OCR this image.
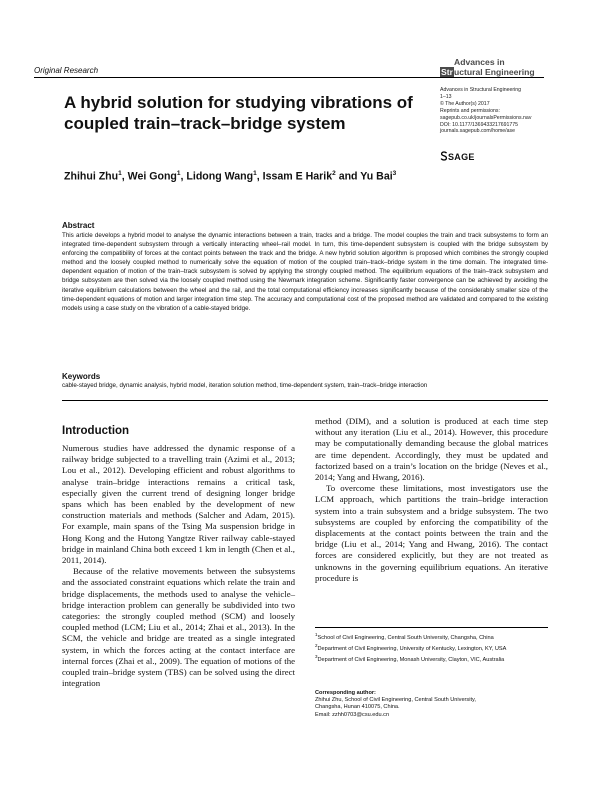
Original Research
Advances in
Structural Engineering
Advances in Structural Engineering
1–13
© The Author(s) 2017
Reprints and permissions:
sagepub.co.uk/journalsPermissions.nav
DOI: 10.1177/1369433217691775
journals.sagepub.com/home/ase
SAGE
A hybrid solution for studying vibrations of coupled train–track–bridge system
Zhihui Zhu$^1$, Wei Gong$^1$, Lidong Wang$^1$, Issam E Harik$^2$ and Yu Bai$^3$
Abstract
This article develops a hybrid model to analyse the dynamic interactions between a train, tracks and a bridge. The model couples the train and track subsystems to form an integrated time-dependent subsystem through a vertically interacting wheel–rail model. In turn, this time-dependent subsystem is coupled with the bridge subsystem by enforcing the compatibility of forces at the contact points between the track and the bridge. A new hybrid solution algorithm is proposed which combines the strongly coupled method and the loosely coupled method to numerically solve the equation of motion of the coupled train–track–bridge system in the time domain. The integrated time-dependent equation of motion of the train–track subsystem is solved by applying the strongly coupled method. The equilibrium equations of the train–track subsystem and bridge subsystem are then solved via the loosely coupled method using the Newmark integration scheme. Significantly faster convergence can be achieved by avoiding the iterative equilibrium calculations between the wheel and the rail, and the total computational efficiency increases significantly because of the considerably smaller size of the time-dependent equations of motion and larger integration time step. The accuracy and computational cost of the proposed method are validated and compared to the existing models using a case study on the vibration of a cable-stayed bridge.
Keywords
cable-stayed bridge, dynamic analysis, hybrid model, iteration solution method, time-dependent system, train–track–bridge interaction
Introduction

Numerous studies have addressed the dynamic response of a railway bridge subjected to a travelling train (Azimi et al., 2013; Lou et al., 2012). Developing efficient and robust algorithms to analyse train–bridge interactions remains a critical task, especially given the current trend of designing longer bridge spans which has been enabled by the development of new construction materials and methods (Salcher and Adam, 2015). For example, main spans of the Tsing Ma suspension bridge in Hong Kong and the Hutong Yangtze River railway cable-stayed bridge in mainland China both exceed 1 km in length (Chen et al., 2011, 2014).

Because of the relative movements between the subsystems and the associated constraint equations which relate the train and bridge displacements, the methods used to analyse the vehicle–bridge interaction problem can generally be subdivided into two categories: the strongly coupled method (SCM) and loosely coupled method (LCM; Liu et al., 2014; Zhai et al., 2013). In the SCM, the vehicle and bridge are treated as a single integrated system, in which the forces acting at the contact interface are internal forces (Zhai et al., 2009). The equation of motions of the coupled train–bridge system (TBS) can be solved using the direct integration

method (DIM), and a solution is produced at each time step without any iteration (Liu et al., 2014). However, this procedure may be computationally demanding because the global matrices are time dependent. Accordingly, they must be updated and factorized based on a train’s location on the bridge (Neves et al., 2014; Yang and Hwang, 2016).

To overcome these limitations, most investigators use the LCM approach, which partitions the train–bridge interaction system into a train subsystem and a bridge subsystem. The two subsystems are coupled by enforcing the compatibility of the displacements at the contact points between the train and the bridge (Liu et al., 2014; Yang and Hwang, 2016). The contact forces are considered explicitly, but they are not treated as unknowns in the governing equilibrium equations. An iterative procedure is

$^1$School of Civil Engineering, Central South University, Changsha, China
$^2$Department of Civil Engineering, University of Kentucky, Lexington, KY, USA
$^3$Department of Civil Engineering, Monash University, Clayton, VIC, Australia
Corresponding author:
Zhihui Zhu, School of Civil Engineering, Central South University,
Changsha, Hunan 410075, China.
Email: zzhh0703@csu.edu.cn
